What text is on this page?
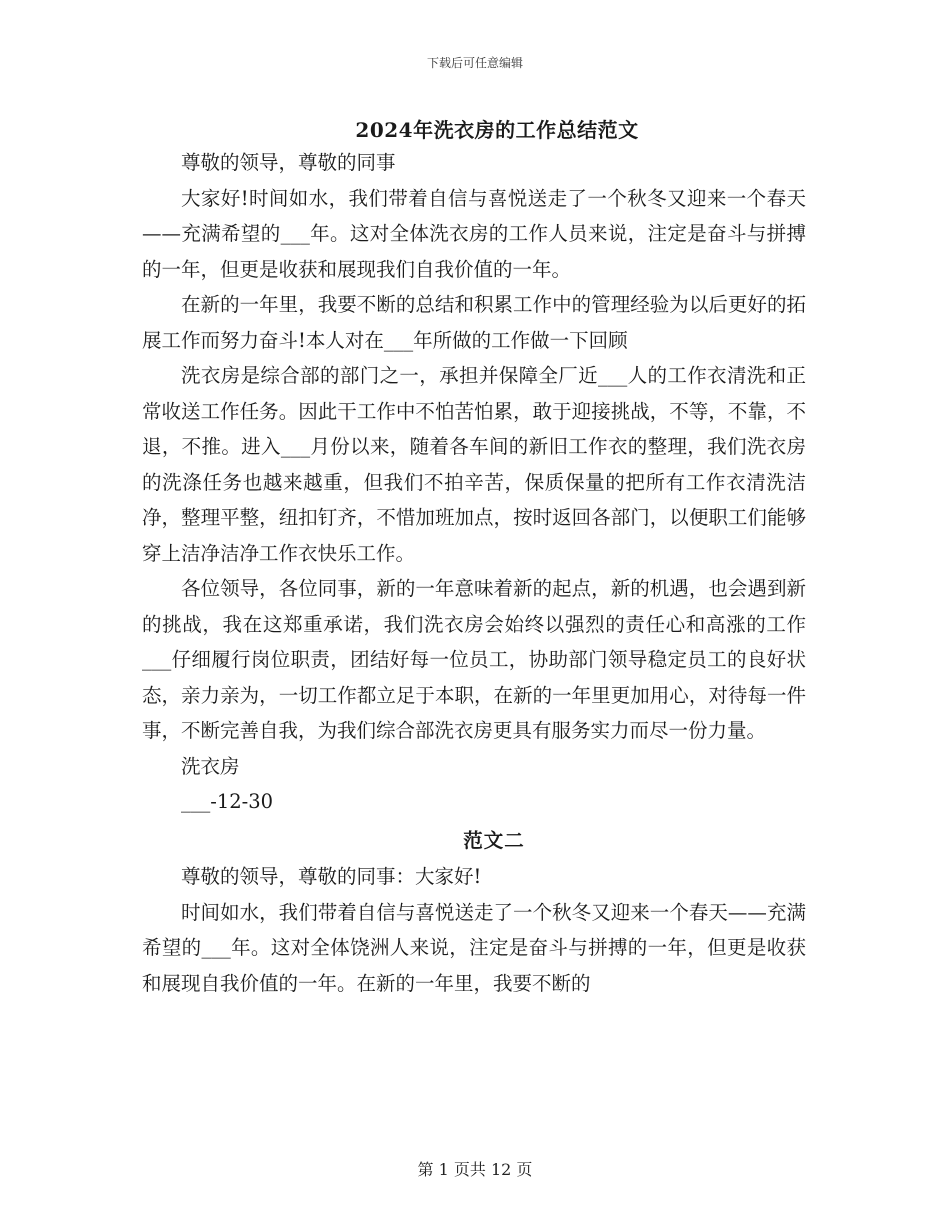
下载后可任意编辑
2024年洗衣房的工作总结范文

尊敬的领导，尊敬的同事

大家好!时间如水，我们带着自信与喜悦送走了一个秋冬又迎来一个春天——充满希望的___年。这对全体洗衣房的工作人员来说，注定是奋斗与拼搏的一年，但更是收获和展现我们自我价值的一年。

在新的一年里，我要不断的总结和积累工作中的管理经验为以后更好的拓展工作而努力奋斗!本人对在___年所做的工作做一下回顾

洗衣房是综合部的部门之一，承担并保障全厂近___人的工作衣清洗和正常收送工作任务。因此干工作中不怕苦怕累，敢于迎接挑战，不等，不靠，不退，不推。进入___月份以来，随着各车间的新旧工作衣的整理，我们洗衣房的洗涤任务也越来越重，但我们不拍辛苦，保质保量的把所有工作衣清洗洁净，整理平整，纽扣钉齐，不惜加班加点，按时返回各部门，以便职工们能够穿上洁净洁净工作衣快乐工作。

各位领导，各位同事，新的一年意味着新的起点，新的机遇，也会遇到新的挑战，我在这郑重承诺，我们洗衣房会始终以强烈的责任心和高涨的工作___仔细履行岗位职责，团结好每一位员工，协助部门领导稳定员工的良好状态，亲力亲为，一切工作都立足于本职，在新的一年里更加用心，对待每一件事，不断完善自我，为我们综合部洗衣房更具有服务实力而尽一份力量。

洗衣房

___-12-30

范文二

尊敬的领导，尊敬的同事：大家好!

时间如水，我们带着自信与喜悦送走了一个秋冬又迎来一个春天——充满希望的___年。这对全体饶洲人来说，注定是奋斗与拼搏的一年，但更是收获和展现自我价值的一年。在新的一年里，我要不断的

第 1 页共 12 页
